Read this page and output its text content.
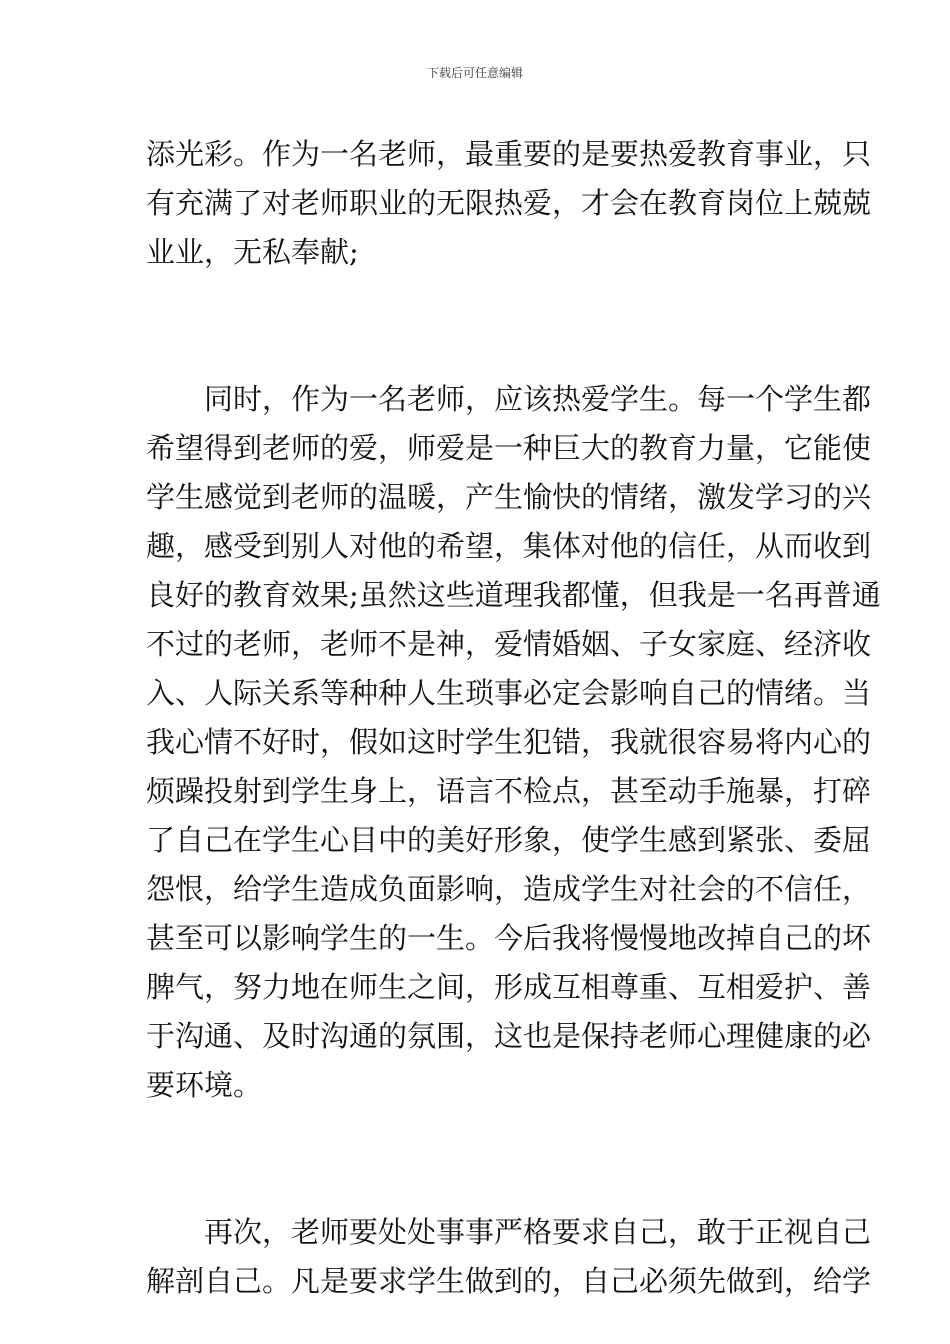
下载后可任意编辑
添光彩。作为一名老师，最重要的是要热爱教育事业，只
有充满了对老师职业的无限热爱，才会在教育岗位上兢兢
业业，无私奉献;
同时，作为一名老师，应该热爱学生。每一个学生都
希望得到老师的爱，师爱是一种巨大的教育力量，它能使
学生感觉到老师的温暖，产生愉快的情绪，激发学习的兴
趣，感受到别人对他的希望，集体对他的信任，从而收到
良好的教育效果;虽然这些道理我都懂，但我是一名再普通
不过的老师，老师不是神，爱情婚姻、子女家庭、经济收
入、人际关系等种种人生琐事必定会影响自己的情绪。当
我心情不好时，假如这时学生犯错，我就很容易将内心的
烦躁投射到学生身上，语言不检点，甚至动手施暴，打碎
了自己在学生心目中的美好形象，使学生感到紧张、委屈
怨恨，给学生造成负面影响，造成学生对社会的不信任，
甚至可以影响学生的一生。今后我将慢慢地改掉自己的坏
脾气，努力地在师生之间，形成互相尊重、互相爱护、善
于沟通、及时沟通的氛围，这也是保持老师心理健康的必
要环境。
再次，老师要处处事事严格要求自己，敢于正视自己
解剖自己。凡是要求学生做到的，自己必须先做到，给学
